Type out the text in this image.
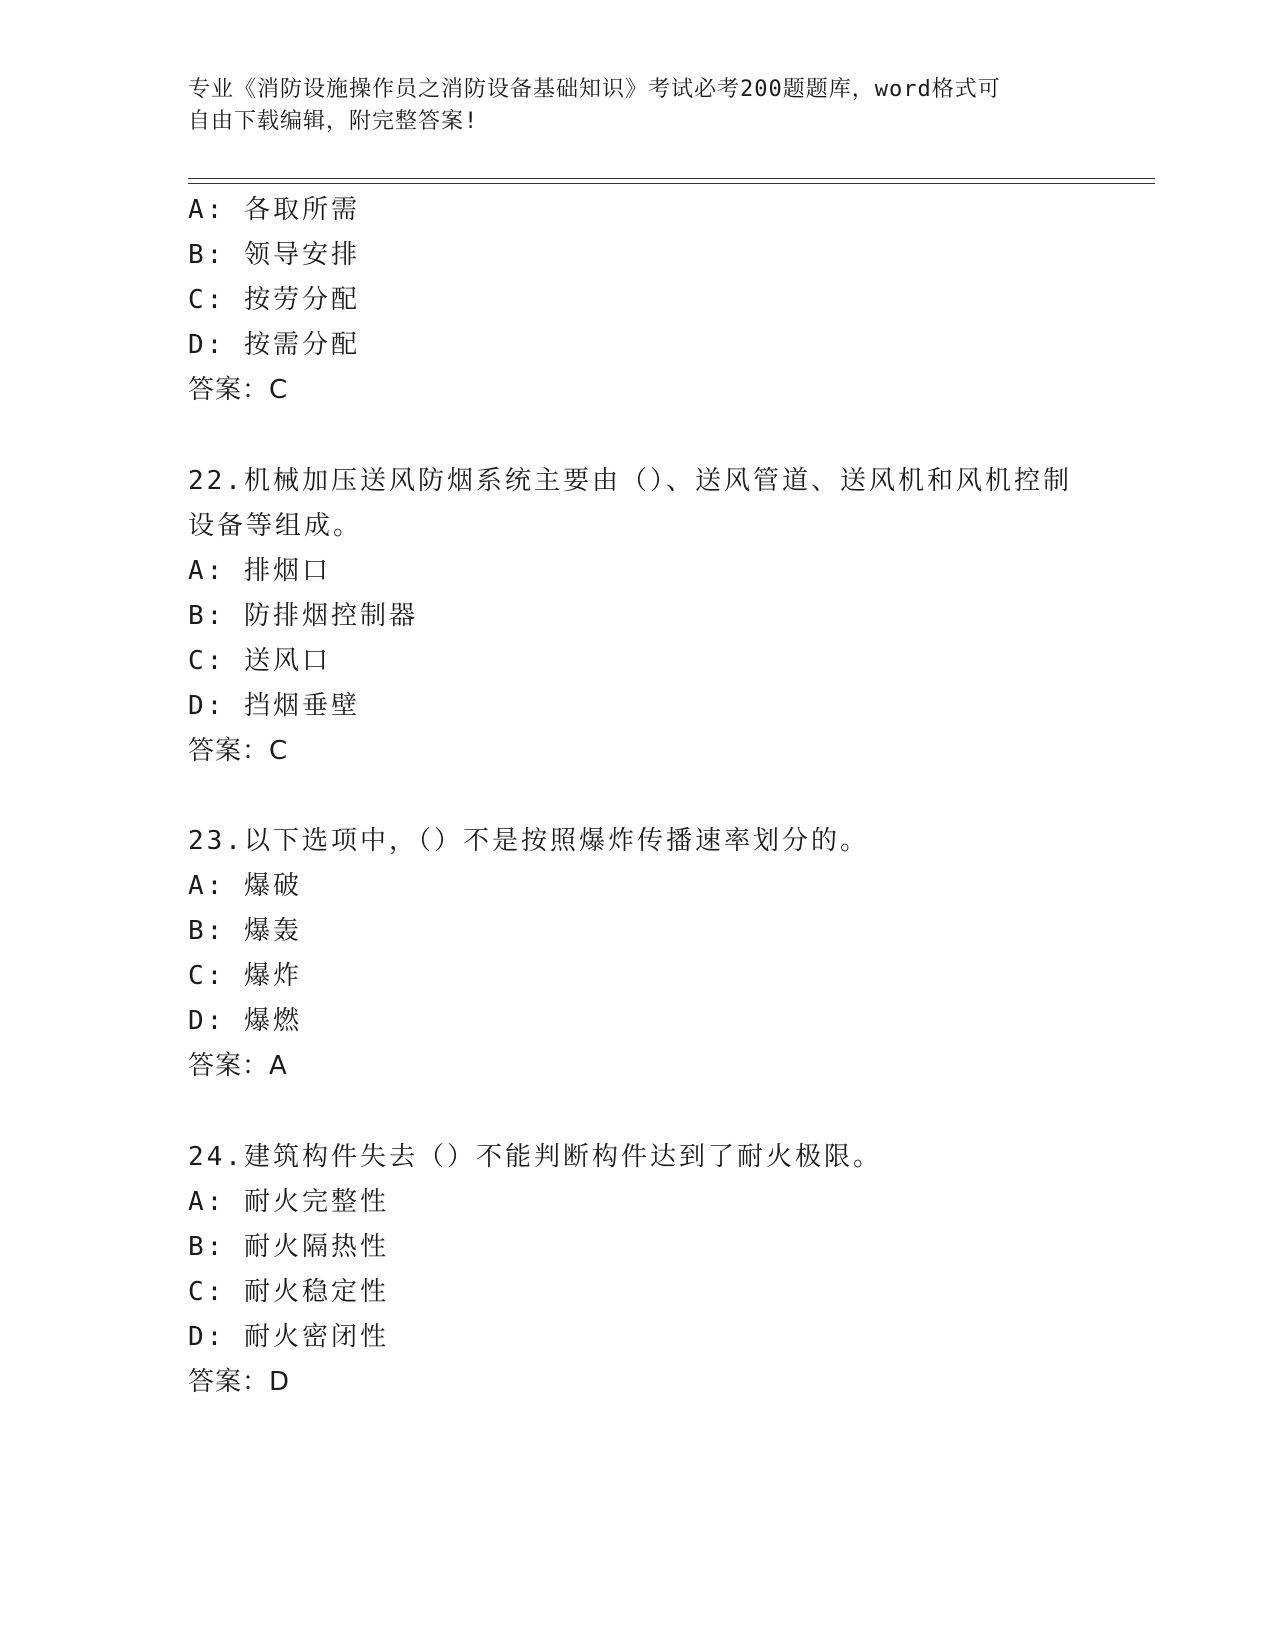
专业《消防设施操作员之消防设备基础知识》考试必考200题题库，word格式可
自由下载编辑，附完整答案!
A: 各取所需
B: 领导安排
C: 按劳分配
D: 按需分配
答案：C
22.机械加压送风防烟系统主要由（）、送风管道、送风机和风机控制
设备等组成。
A: 排烟口
B: 防排烟控制器
C: 送风口
D: 挡烟垂壁
答案：C
23.以下选项中，（）不是按照爆炸传播速率划分的。
A: 爆破
B: 爆轰
C: 爆炸
D: 爆燃
答案：A
24.建筑构件失去（）不能判断构件达到了耐火极限。
A: 耐火完整性
B: 耐火隔热性
C: 耐火稳定性
D: 耐火密闭性
答案：D
